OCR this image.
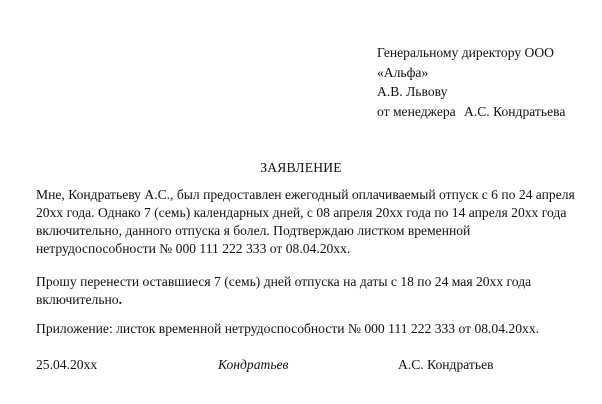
Генеральному директору ООО
«Альфа»
А.В. Львову
от менеджера А.С. Кондратьева
ЗАЯВЛЕНИЕ
Мне, Кондратьеву А.С., был предоставлен ежегодный оплачиваемый отпуск с 6 по 24 апреля 20хх года. Однако 7 (семь) календарных дней, с 08 апреля 20хх года по 14 апреля 20хх года включительно, данного отпуска я болел. Подтверждаю листком временной нетрудоспособности № 000 111 222 333 от 08.04.20хх.
Прошу перенести оставшиеся 7 (семь) дней отпуска на даты с 18 по 24 мая 20хх года включительно.
Приложение: листок временной нетрудоспособности № 000 111 222 333 от 08.04.20хх.
25.04.20хх	Кондратьев	А.С. Кондратьев
